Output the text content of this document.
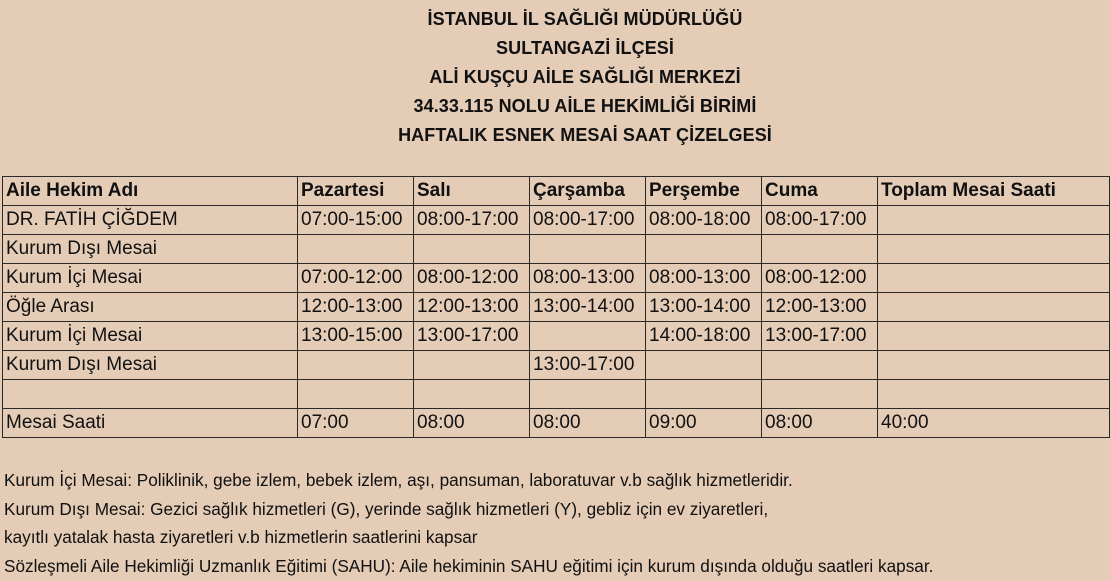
İSTANBUL İL SAĞLIĞI MÜDÜRLÜĞÜ
SULTANGAZİ İLÇESİ
ALİ KUŞÇU AİLE SAĞLIĞI MERKEZİ
34.33.115 NOLU AİLE HEKİMLİĞİ BİRİMİ
HAFTALIK ESNEK MESAİ SAAT ÇİZELGESİ
Aile Hekim Adı	Pazartesi	Salı	Çarşamba	Perşembe	Cuma	Toplam Mesai Saati
DR. FATİH ÇİĞDEM	07:00-15:00	08:00-17:00	08:00-17:00	08:00-18:00	08:00-17:00	
Kurum Dışı Mesai						
Kurum İçi Mesai	07:00-12:00	08:00-12:00	08:00-13:00	08:00-13:00	08:00-12:00	
Öğle Arası	12:00-13:00	12:00-13:00	13:00-14:00	13:00-14:00	12:00-13:00	
Kurum İçi Mesai	13:00-15:00	13:00-17:00		14:00-18:00	13:00-17:00	
Kurum Dışı Mesai			13:00-17:00			

Mesai Saati	07:00	08:00	08:00	09:00	08:00	40:00
Kurum İçi Mesai: Poliklinik, gebe izlem, bebek izlem, aşı, pansuman, laboratuvar v.b sağlık hizmetleridir.
Kurum Dışı Mesai: Gezici sağlık hizmetleri (G), yerinde sağlık hizmetleri (Y), gebliz için ev ziyaretleri,
kayıtlı yatalak hasta ziyaretleri v.b hizmetlerin saatlerini kapsar
Sözleşmeli Aile Hekimliği Uzmanlık Eğitimi (SAHU): Aile hekiminin SAHU eğitimi için kurum dışında olduğu saatleri kapsar.
